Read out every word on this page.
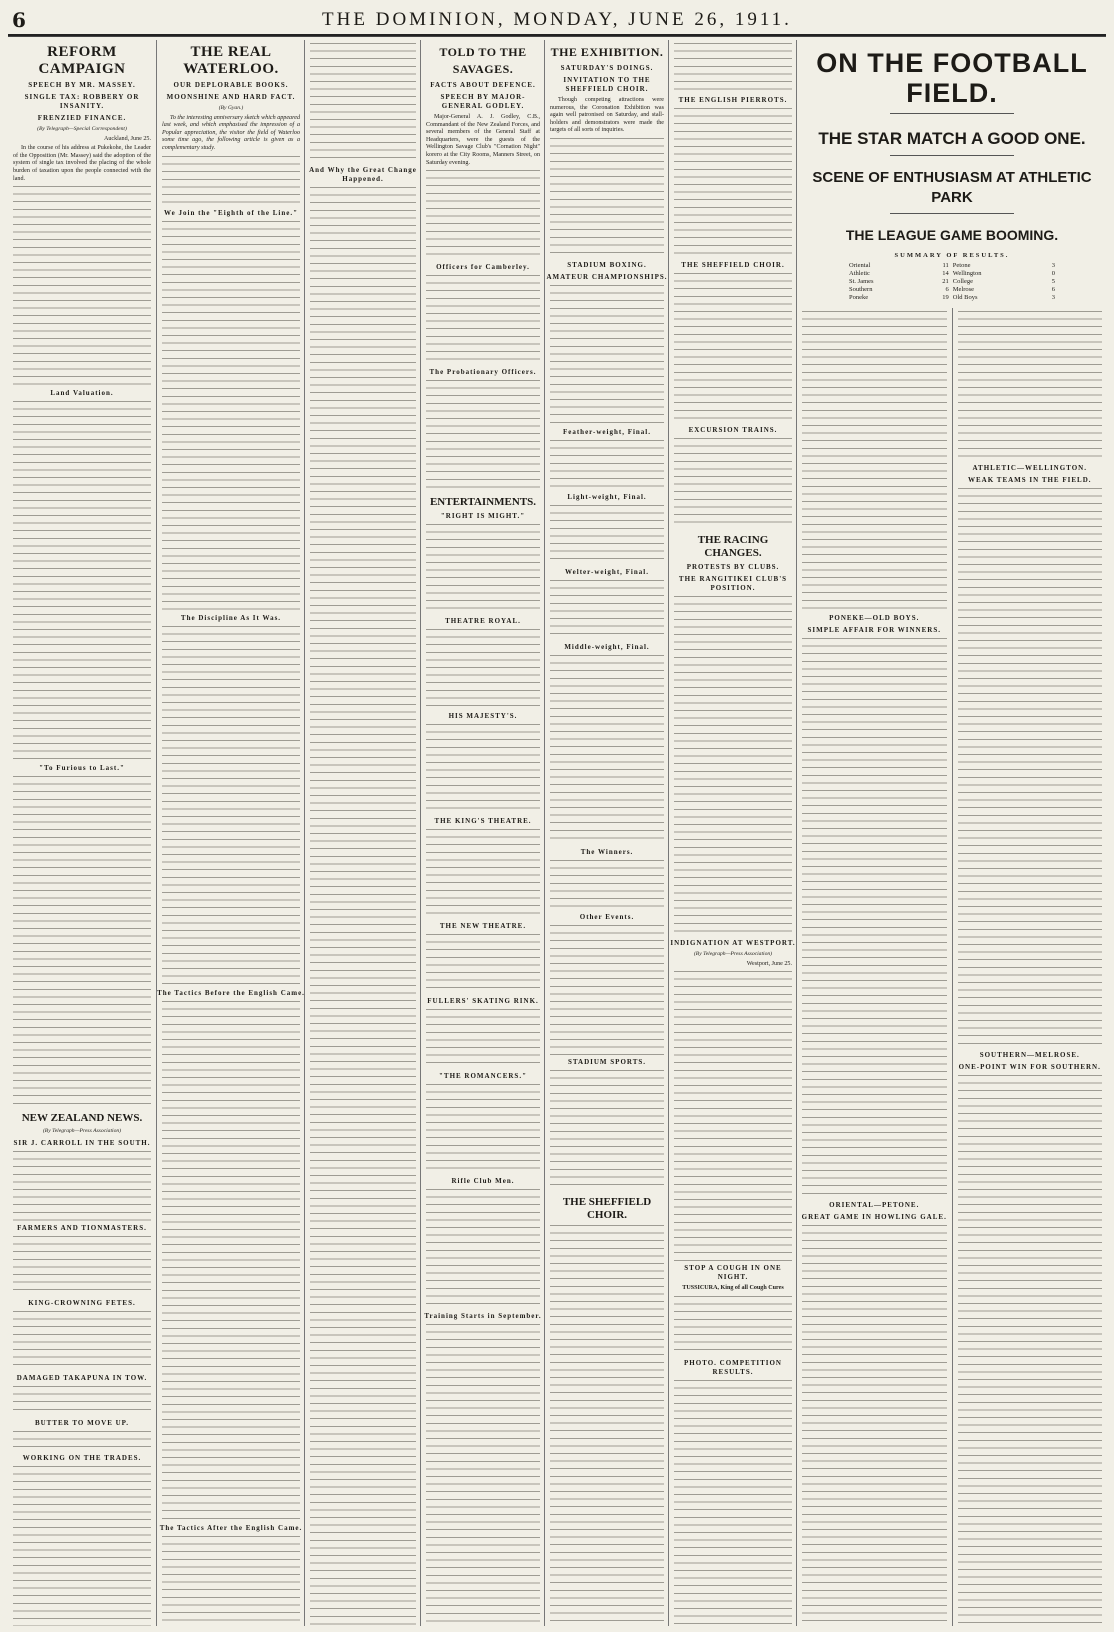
6	THE DOMINION, MONDAY, JUNE 26, 1911.
REFORM CAMPAIGN
SPEECH BY MR. MASSEY.
SINGLE TAX: ROBBERY OR INSANITY.
FRENZIED FINANCE.
(By Telegraph—Special Correspondent)

Auckland, June 25.

In the course of his address at Pukekohe, the Leader of the Opposition (Mr. Massey) said the adoption of the system of single tax involved the placing of the whole burden of taxation upon the people connected with the land.

Land Valuation.
"To Furious to Last."
NEW ZEALAND NEWS.
(By Telegraph—Press Association)
SIR J. CARROLL IN THE SOUTH.
FARMERS AND TIONMASTERS.
KING-CROWNING FETES.
DAMAGED TAKAPUNA IN TOW.
BUTTER TO MOVE UP.
WORKING ON THE TRADES.
THE REAL WATERLOO.
OUR DEPLORABLE BOOKS.
MOONSHINE AND HARD FACT.
(By Gyan.)

To the interesting anniversary sketch which appeared last week, and which emphasised the impression of a Popular appreciation, the visitor the field of Waterloo some time ago, the following article is given as a complementary study.

We Join the "Eighth of the Line."
The Discipline As It Was.
The Tactics Before the English Came.
The Tactics After the English Came.
And Why the Great Change Happened.
TOLD TO THE SAVAGES.
FACTS ABOUT DEFENCE.
SPEECH BY MAJOR-GENERAL GODLEY.

Major-General A. J. Godley, C.B., Commandant of the New Zealand Forces, and several members of the General Staff at Headquarters, were the guests of the Wellington Savage Club's "Cornation Night" korero at the City Rooms, Manners Street, on Saturday evening.

Officers for Camberley.
The Probationary Officers.
ENTERTAINMENTS.
"RIGHT IS MIGHT."
THEATRE ROYAL.
HIS MAJESTY'S.
THE KING'S THEATRE.
THE NEW THEATRE.
FULLERS' SKATING RINK.
"THE ROMANCERS."
Rifle Club Men.
Training Starts in September.
THE EXHIBITION.
SATURDAY'S DOINGS.
INVITATION TO THE SHEFFIELD CHOIR.

Though competing attractions were numerous, the Coronation Exhibition was again well patronised on Saturday, and stall-holders and demonstrators were made the targets of all sorts of inquiries.

STADIUM BOXING.
AMATEUR CHAMPIONSHIPS.
Feather-weight, Final.
Light-weight, Final.
Welter-weight, Final.
Middle-weight, Final.
The Winners.
Other Events.
STADIUM SPORTS.
THE SHEFFIELD CHOIR.
THE ENGLISH PIERROTS.
THE SHEFFIELD CHOIR.
EXCURSION TRAINS.
THE RACING CHANGES.
PROTESTS BY CLUBS.
THE RANGITIKEI CLUB'S POSITION.
INDIGNATION AT WESTPORT.
(By Telegraph—Press Association)

Westport, June 25.

STOP A COUGH IN ONE NIGHT.

TUSSICURA, King of all Cough Cures

PHOTO. COMPETITION RESULTS.
ON THE FOOTBALL FIELD.
THE STAR MATCH A GOOD ONE.
SCENE OF ENTHUSIASM AT ATHLETIC PARK
THE LEAGUE GAME BOOMING.
SUMMARY OF RESULTS.
Oriental	11	Petone	3
Athletic	14	Wellington	0
St. James	21	College	5
Southern	6	Melrose	6
Poneke	19	Old Boys	3
PONEKE—OLD BOYS.
SIMPLE AFFAIR FOR WINNERS.
ORIENTAL—PETONE.
GREAT GAME IN HOWLING GALE.
ATHLETIC—WELLINGTON.
WEAK TEAMS IN THE FIELD.
SOUTHERN—MELROSE.
ONE-POINT WIN FOR SOUTHERN.
